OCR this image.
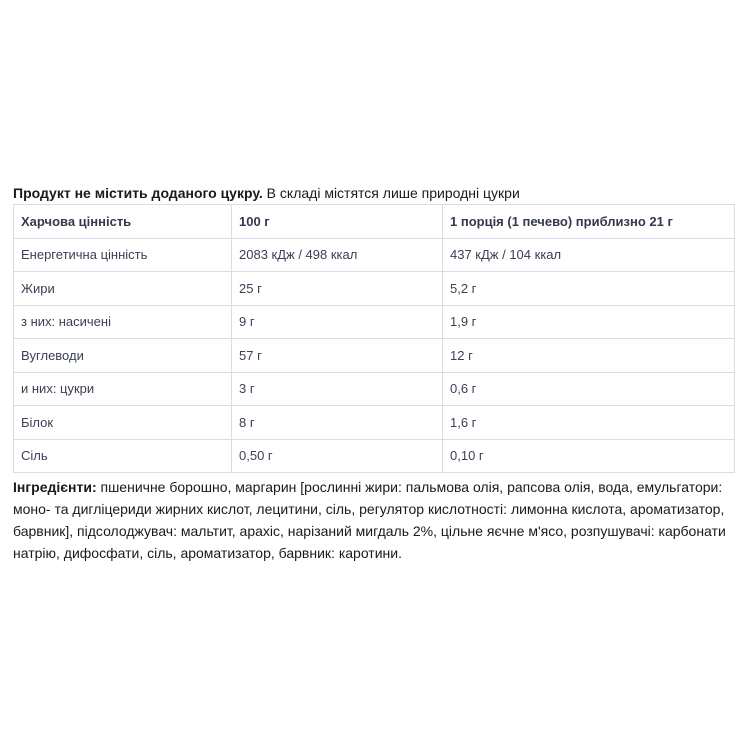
Продукт не містить доданого цукру. В складі містятся лише природні цукри
Харчова цінність	100 г	1 порція (1 печево) приблизно 21 г
Енергетична цінність	2083 кДж / 498 ккал	437 кДж / 104 ккал
Жири	25 г	5,2 г
з них: насичені	9 г	1,9 г
Вуглеводи	57 г	12 г
и них: цукри	3 г	0,6 г
Білок	8 г	1,6 г
Сіль	0,50 г	0,10 г
Інгредієнти: пшеничне борошно, маргарин [рослинні жири: пальмова олія, рапсова олія, вода, емульгатори: моно- та дигліцериди жирних кислот, лецитини, сіль, регулятор кислотності: лимонна кислота, ароматизатор, барвник], підсолоджувач: мальтит, арахіс, нарізаний мигдаль 2%, цільне яєчне м'ясо, розпушувачі: карбонати натрію, дифосфати, сіль, ароматизатор, барвник: каротини.
